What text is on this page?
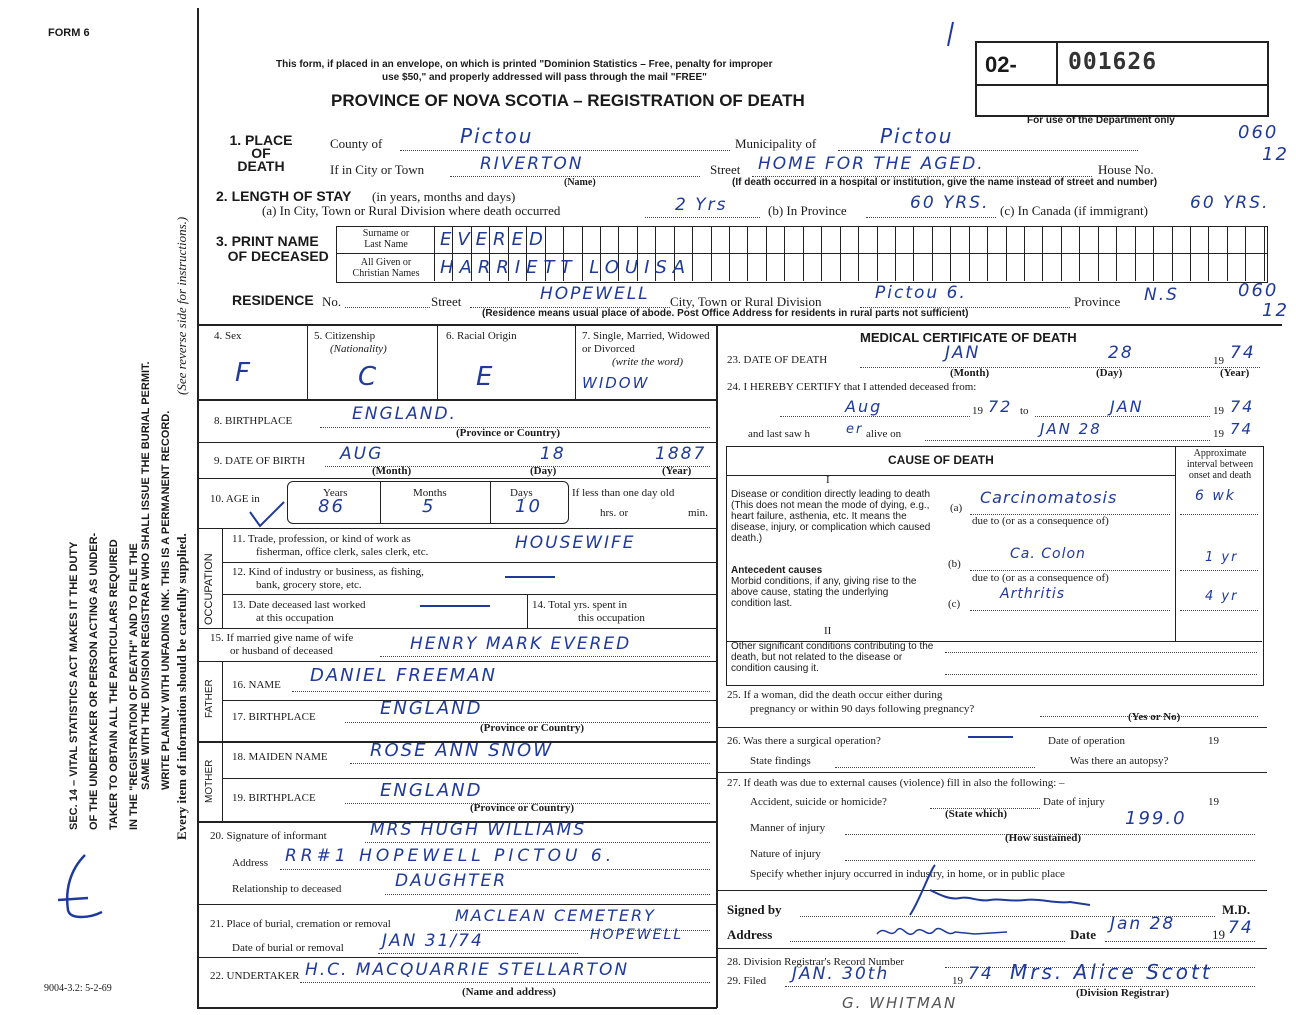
FORM 6
9004-3.2: 5-2-69
SEC. 14 – VITAL STATISTICS ACT MAKES IT THE DUTY OF THE UNDERTAKER OR PERSON ACTING AS UNDER- TAKER TO OBTAIN ALL THE PARTICULARS REQUIRED IN THE "REGISTRATION OF DEATH" AND TO FILE THE SAME WITH THE DIVISION REGISTRAR WHO SHALL ISSUE THE BURIAL PERMIT. WRITE PLAINLY WITH UNFADING INK. THIS IS A PERMANENT RECORD. Every item of information should be carefully supplied.
(See reverse side for instructions.)
This form, if placed in an envelope, on which is printed "Dominion Statistics – Free, penalty for improper
use $50," and properly addressed will pass through the mail "FREE"
PROVINCE OF NOVA SCOTIA – REGISTRATION OF DEATH
02- 001626
For use of the Department only
1. PLACE
OF
DEATH
County of	Pictou	Municipality of	Pictou	060
If in City or Town	RIVERTON
(Name)
Street HOME FOR THE AGED.	House No.
12
(If death occurred in a hospital or institution, give the name instead of street and number)
2. LENGTH OF STAY (in years, months and days)
(a) In City, Town or Rural Division where death occurred	2 Yrs	(b) In Province	60 YRS. (c) In Canada (if immigrant) 60 YRS.
3. PRINT NAME
OF DECEASED
Surname or
Last Name
All Given or
Christian Names
EVERED
HARRIETT LOUISA
RESIDENCE No.	Street	HOPEWELL City, Town or Rural Division	Pictou 6.	Province N.S	060
12
(Residence means usual place of abode. Post Office Address for residents in rural parts not sufficient)
4. Sex
F
5. Citizenship
(Nationality)
C
6. Racial Origin
E
7. Single, Married, Widowed or Divorced
(write the word)
WIDOW
8. BIRTHPLACE	ENGLAND.
(Province or Country)
9. DATE OF BIRTH AUG	18	1887
(Month)	(Day)	(Year)
10. AGE in	Years	Months	Days
86	5	10
If less than one day old
hrs. or	min.
OCCUPATION
11. Trade, profession, or kind of work as
fisherman, office clerk, sales clerk, etc.	HOUSEWIFE
12. Kind of industry or business, as fishing,
bank, grocery store, etc.
13. Date deceased last worked
at this occupation
14. Total yrs. spent in
this occupation
15. If married give name of wife
or husband of deceased	HENRY MARK EVERED
FATHER 16. NAME DANIEL FREEMAN
17. BIRTHPLACE	ENGLAND
(Province or Country)
MOTHER
18. MAIDEN NAME ROSE ANN SNOW
19. BIRTHPLACE	ENGLAND
(Province or Country)
20. Signature of informant	MRS HUGH WILLIAMS
Address RR#1 HOPEWELL PICTOU 6.
Relationship to deceased	DAUGHTER
21. Place of burial, cremation or removal	MACLEAN CEMETERY
HOPEWELL
Date of burial or removal JAN 31/74
22. UNDERTAKER H.C. MACQUARRIE STELLARTON
(Name and address)
MEDICAL CERTIFICATE OF DEATH
23. DATE OF DEATH	JAN	28	19 74
(Month)	(Day)	(Year)
24. I HEREBY CERTIFY that I attended deceased from:
Aug	19 72 to	JAN	19 74
and last saw h	er alive on	JAN 28	19 74
CAUSE OF DEATH	Approximate interval between onset and death
I
Disease or condition directly leading to death (This does not mean the mode of dying, e.g., heart failure, asthenia, etc. It means the disease, injury, or complication which caused death.)
(a)
Carcinomatosis	6 wk
due to (or as a consequence of)
Antecedent causes
Morbid conditions, if any, giving rise to the above cause, stating the underlying condition last.
(b)
Ca. Colon	1 yr
due to (or as a consequence of)
(c)
Arthritis	4 yr
II
Other significant conditions contributing to the death, but not related to the disease or condition causing it.
25. If a woman, did the death occur either during
pregnancy or within 90 days following pregnancy?
(Yes or No)
26. Was there a surgical operation?	Date of operation	19
State findings	Was there an autopsy?
27. If death was due to external causes (violence) fill in also the following: –
Accident, suicide or homicide?	Date of injury	19
(State which)	199.0
Manner of injury
(How sustained)
Nature of injury
Specify whether injury occurred in industry, in home, or in public place
Signed by	M.D.
Address	Date
Jan 28
19 74
28. Division Registrar's Record Number
29. Filed JAN. 30th	19 74 Mrs. Alice Scott
(Division Registrar)
G. WHITMAN
